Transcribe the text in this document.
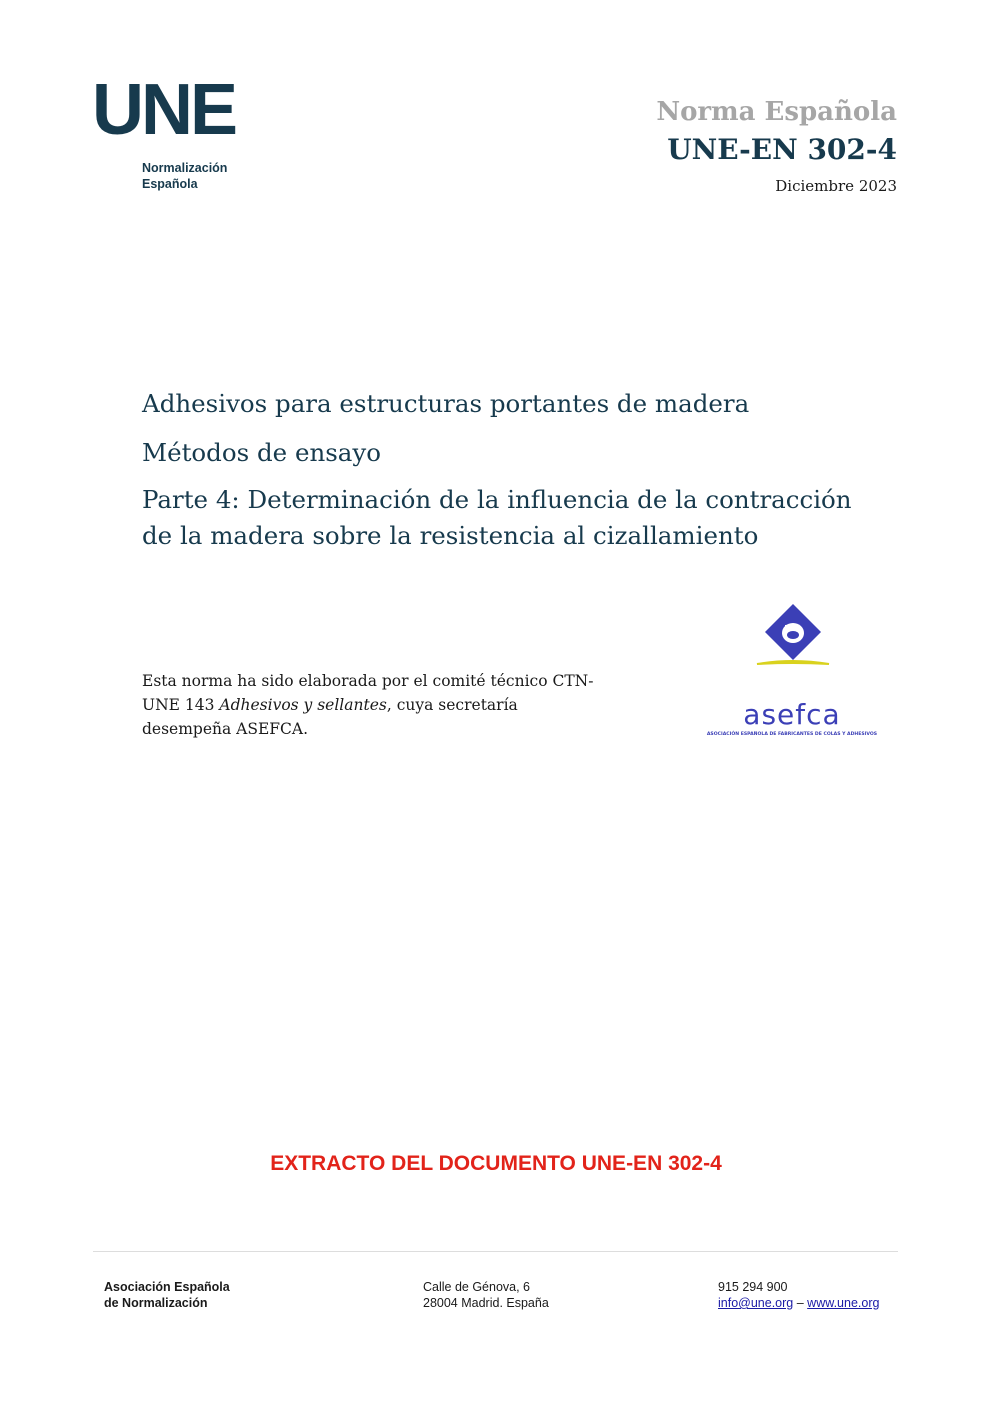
UNE
Normalización
Española
Norma Española
UNE-EN 302-4
Diciembre 2023
Adhesivos para estructuras portantes de madera
Métodos de ensayo
Parte 4: Determinación de la influencia de la contracción
de la madera sobre la resistencia al cizallamiento
Esta norma ha sido elaborada por el comité técnico CTN-UNE 143 Adhesivos y sellantes, cuya secretaría desempeña ASEFCA.	asefca
ASOCIACIÓN ESPAÑOLA DE FABRICANTES DE COLAS Y ADHESIVOS
EXTRACTO DEL DOCUMENTO UNE-EN 302-4
Asociación Española
de Normalización
Calle de Génova, 6
28004 Madrid. España
915 294 900
info@une.org – www.une.org
